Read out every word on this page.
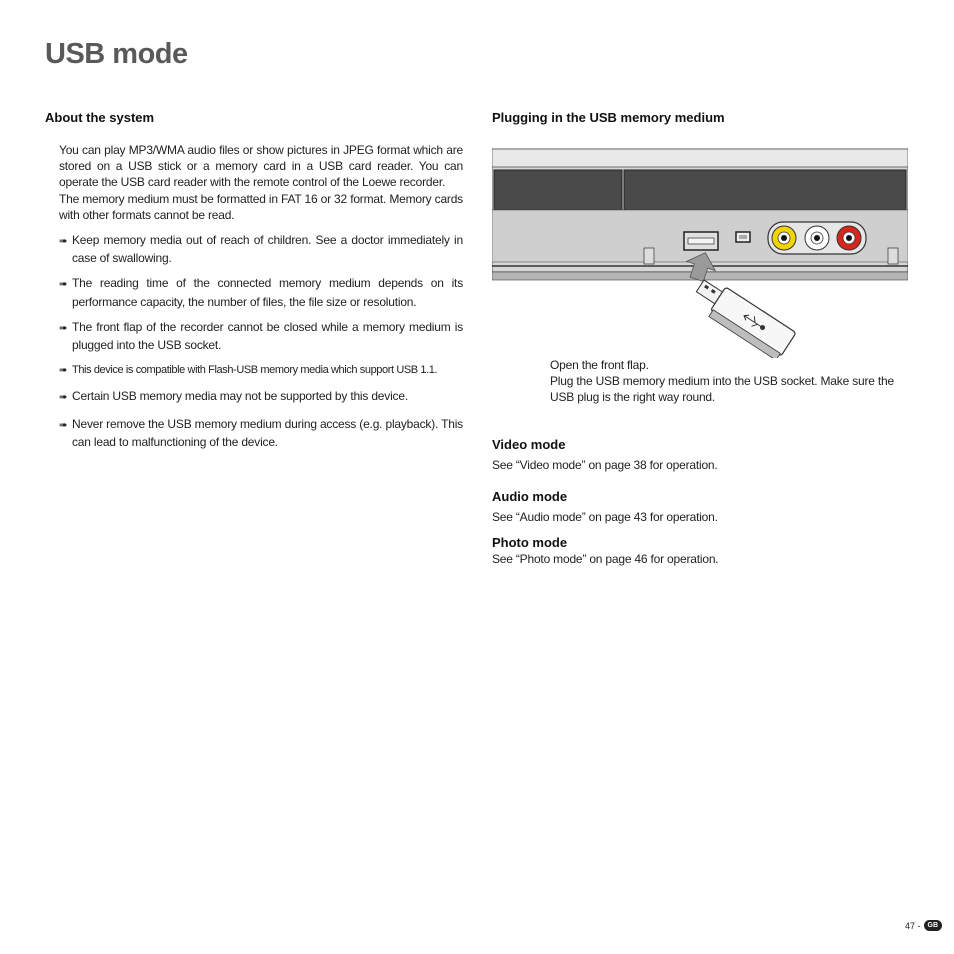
USB mode
About the system
You can play MP3/WMA audio files or show pictures in JPEG format which are stored on a USB stick or a memory card in a USB card reader. You can operate the USB card reader with the remote control of the Loewe recorder.
The memory medium must be formatted in FAT 16 or 32 format. Memory cards with other formats cannot be read.
➠ Keep memory media out of reach of children. See a doctor immediately in case of swallowing.
➠ The reading time of the connected memory medium depends on its performance capacity, the number of files, the file size or resolution.
➠ The front flap of the recorder cannot be closed while a memory medium is plugged into the USB socket.
➠ This device is compatible with Flash-USB memory media which support USB 1.1.
➠ Certain USB memory media may not be supported by this device.
➠ Never remove the USB memory medium during access (e.g. playback). This can lead to malfunctioning of the device.
Plugging in the USB memory medium
Open the front flap.
Plug the USB memory medium into the USB socket. Make sure the USB plug is the right way round.
Video mode
See “Video mode” on page 38 for operation.
Audio mode
See “Audio mode” on page 43 for operation.
Photo mode
See “Photo mode” on page 46 for operation.
47 -	GB
